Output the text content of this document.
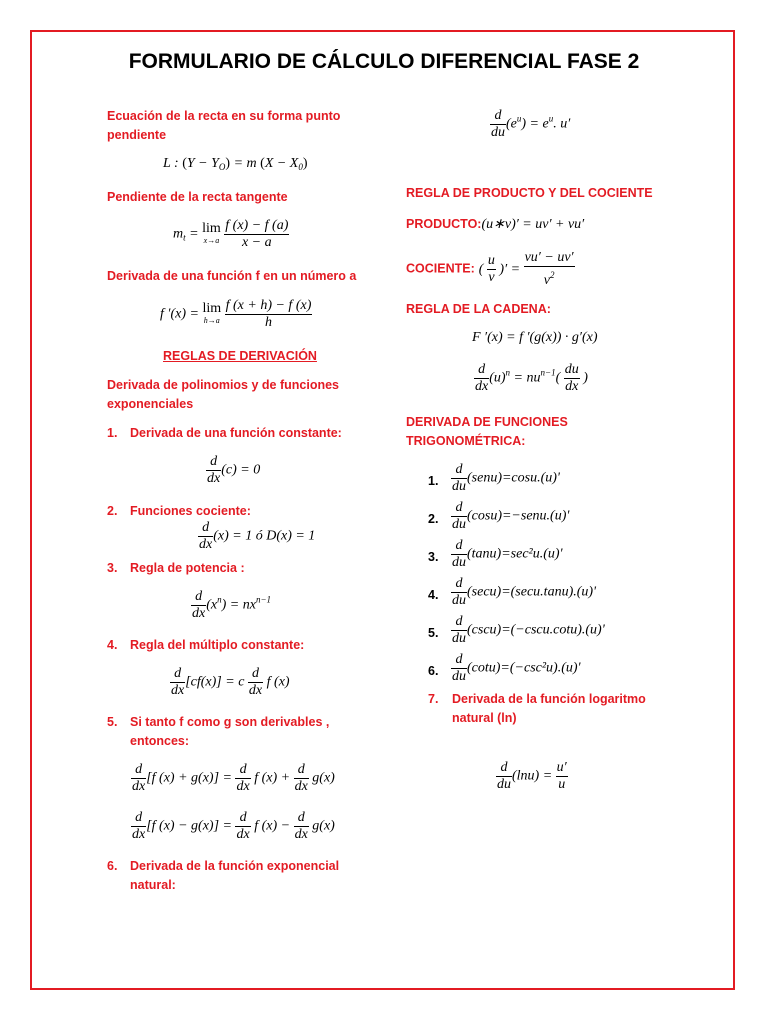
FORMULARIO DE CÁLCULO DIFERENCIAL FASE 2
Ecuación de la recta en su forma punto pendiente
L : $(Y - Y_O) = m$ $(X - X_0)$
Pendiente de la recta tangente
$m_t = \lim$
x→a
$\frac{f (x) - f (a)}{x - a}$
Derivada de una función f en un número a
f ′(x) = lim
h→a
$\frac{f (x + h) - f (x)}{h}$
REGLAS DE DERIVACIÓN
Derivada de polinomios y de funciones exponenciales
1. Derivada de una función constante:
$\frac{d}{dx} (c) = 0$
2. Funciones cociente:
$\frac{d}{dx} (x) = 1$ ó D(x) = 1
3. Regla de potencia :
$\frac{d}{dx} (x^n) = nx^{n-1}$
4. Regla del múltiplo constante:
$\frac{d}{dx} [cf(x)] = c \frac{d}{dx}$ f (x)
5. Si tanto f como g son derivables , entonces:
$\frac{d}{dx} [f$ $(x) + g(x)] = \frac{d}{dx}$ f $(x) + \frac{d}{dx} g(x)$
$\frac{d}{dx} [f$ $(x) - g(x)] = \frac{d}{dx}$ f $(x) - \frac{d}{dx} g(x)$
6. Derivada de la función exponencial natural:
$\frac{d}{du} (e^u) = e^u$. u′
REGLA DE PRODUCTO Y DEL COCIENTE
PRODUCTO:(u∗v)′ = uv′ + vu′
COCIENTE: ( $\frac{u}{v}$ )′ = $\frac{vu' - uv'}{v^2}$
REGLA DE LA CADENA:
F ′(x) = f ′(g(x)) · g′(x)
$\frac{d}{dx} (u)^n = nu^{n-1}( \frac{du}{dx}$ )
DERIVADA DE FUNCIONES TRIGONOMÉTRICA:
1. $\frac{d}{du}$ (senu)=cosu.(u)'
2. $\frac{d}{du}$ (cosu)=−senu.(u)'
3. $\frac{d}{du} (\tan u)=\sec^2u.(u)'$
4. $\frac{d}{du} (\sec u)=(\sec u.\tan u).(u)'$
5. $\frac{d}{du} (\csc u)=(-\csc u.\cot u).(u)'$
6. $\frac{d}{du} (\cot u)=(-\csc^2u).(u)'$
7. Derivada de la función logaritmo natural (ln)
$\frac{d}{du} (\ln u) = \frac{u'}{u}$
